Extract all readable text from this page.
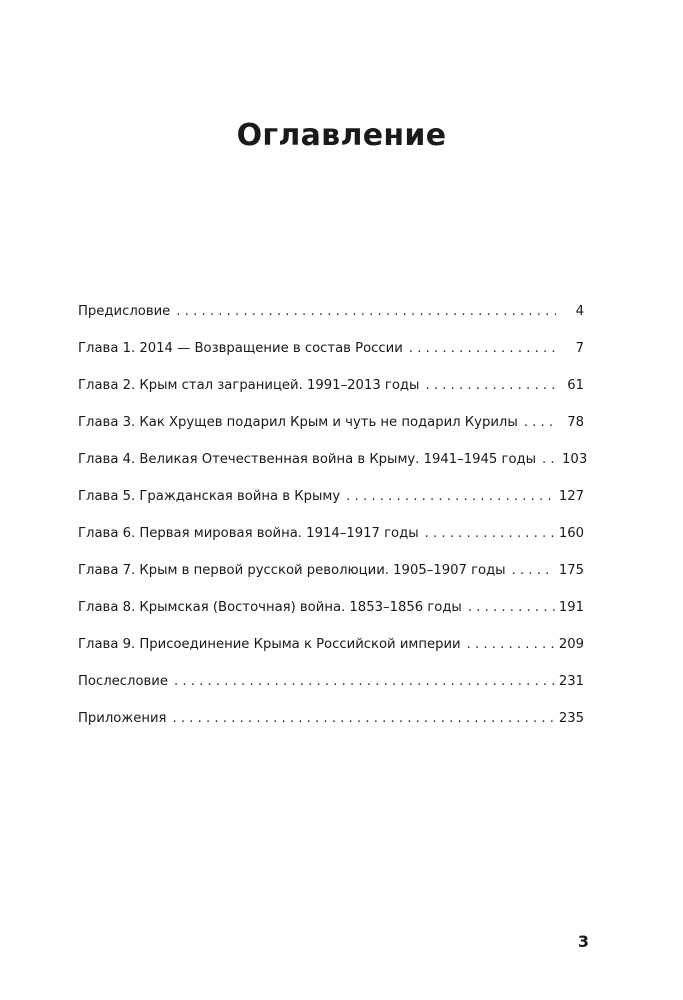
Оглавление
Предисловие . . .	4
Глава 1. 2014 — Возвращение в состав России . . .	7
Глава 2. Крым стал заграницей. 1991–2013 годы . . .	61
Глава 3. Как Хрущев подарил Крым и чуть не подарил Курилы . . .	78
Глава 4. Великая Отечественная война в Крыму. 1941–1945 годы . . .	103
Глава 5. Гражданская война в Крыму . . .	127
Глава 6. Первая мировая война. 1914–1917 годы . . .	160
Глава 7. Крым в первой русской революции. 1905–1907 годы . . .	175
Глава 8. Крымская (Восточная) война. 1853–1856 годы . . .	191
Глава 9. Присоединение Крыма к Российской империи . . .	209
Послесловие . . .	231
Приложения . . .	235
3
